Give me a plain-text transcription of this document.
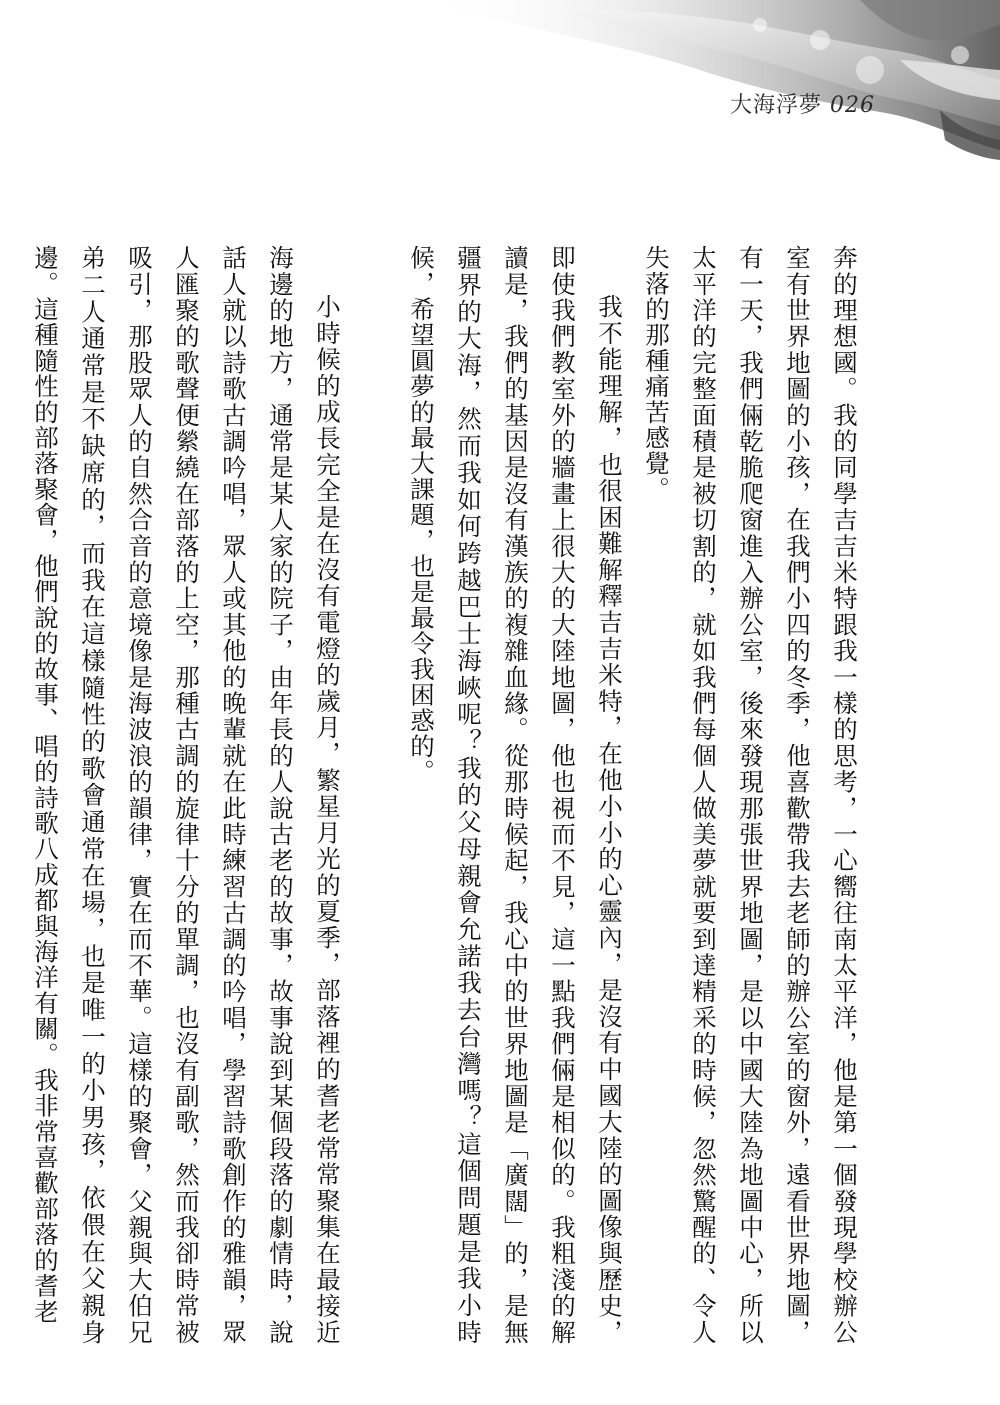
大海浮夢 026

奔的理想國。我的同學吉吉米特跟我一樣的思考，一心嚮往南太平洋，他是第一個發現學校辦公室有世界地圖的小孩，在我們小四的冬季，他喜歡帶我去老師的辦公室的窗外，遠看世界地圖，有一天，我們倆乾脆爬窗進入辦公室，後來發現那張世界地圖，是以中國大陸為地圖中心，所以太平洋的完整面積是被切割的，就如我們每個人做美夢就要到達精采的時候，忽然驚醒的、令人失落的那種痛苦感覺。

我不能理解，也很困難解釋吉吉米特，在他小小的心靈內，是沒有中國大陸的圖像與歷史，即使我們教室外的牆畫上很大的大陸地圖，他也視而不見，這一點我們倆是相似的。我粗淺的解讀是，我們的基因是沒有漢族的複雜血緣。從那時候起，我心中的世界地圖是「廣闊」的，是無疆界的大海，然而我如何跨越巴士海峽呢？我的父母親會允諾我去台灣嗎？這個問題是我小時候，希望圓夢的最大課題，也是最令我困惑的。

小時候的成長完全是在沒有電燈的歲月，繁星月光的夏季，部落裡的耆老常常聚集在最接近海邊的地方，通常是某人家的院子，由年長的人說古老的故事，故事說到某個段落的劇情時，說話人就以詩歌古調吟唱，眾人或其他的晚輩就在此時練習古調的吟唱，學習詩歌創作的雅韻，眾人匯聚的歌聲便縈繞在部落的上空，那種古調的旋律十分的單調，也沒有副歌，然而我卻時常被吸引，那股眾人的自然合音的意境像是海波浪的韻律，實在而不華。這樣的聚會，父親與大伯兄弟二人通常是不缺席的，而我在這樣隨性的歌會通常在場，也是唯一的小男孩，依偎在父親身邊。這種隨性的部落聚會，他們說的故事、唱的詩歌八成都與海洋有關。我非常喜歡部落的耆老
